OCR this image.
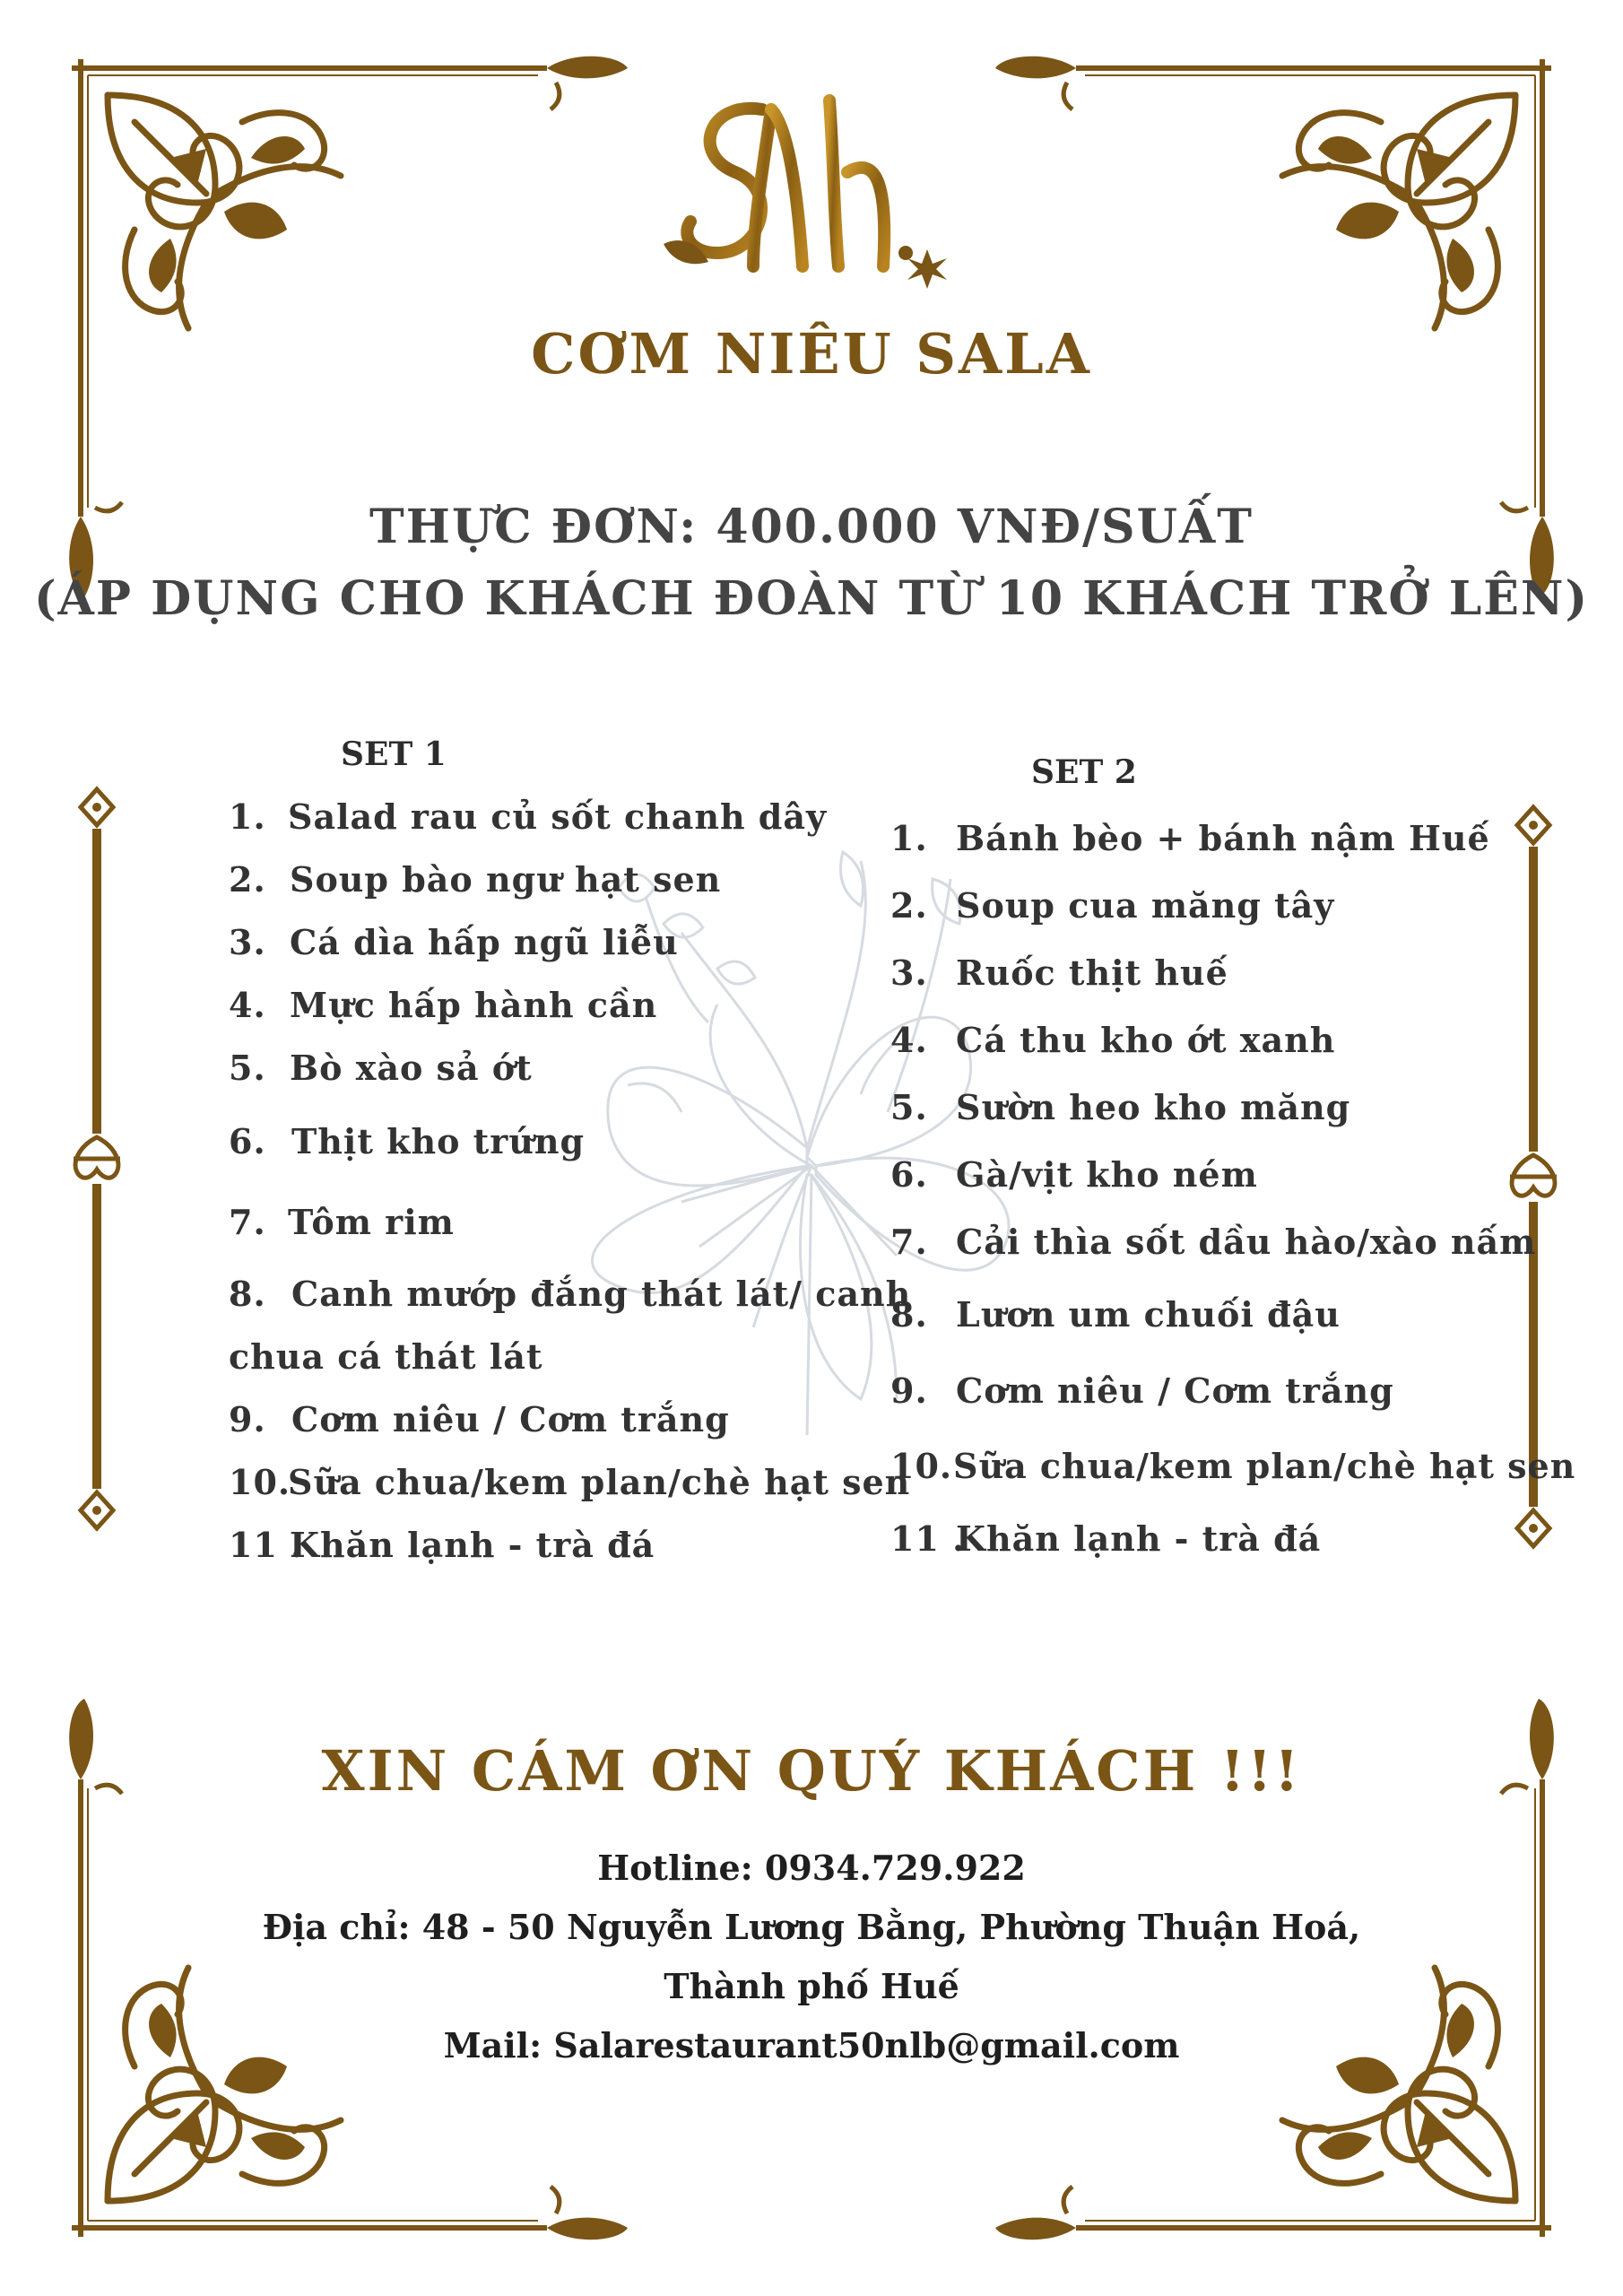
CƠM NIÊU SALA
THỰC ĐƠN: 400.000 VNĐ/SUẤT
(ÁP DỤNG CHO KHÁCH ĐOÀN TỪ 10 KHÁCH TRỞ LÊN)
SET 1
1. Salad rau củ sốt chanh dây
2. Soup bào ngư hạt sen
3. Cá dìa hấp ngũ liễu
4. Mực hấp hành cần
5. Bò xào sả ớt
6. Thịt kho trứng
7. Tôm rim
8. Canh mướp đắng thát lát/ canh
chua cá thát lát
9. Cơm niêu / Cơm trắng
10.Sữa chua/kem plan/chè hạt sen
11 .Khăn lạnh - trà đá
SET 2
1. Bánh bèo + bánh nậm Huế
2. Soup cua măng tây
3. Ruốc thịt huế
4. Cá thu kho ớt xanh
5. Sườn heo kho măng
6. Gà/vịt kho ném
7. Cải thìa sốt dầu hào/xào nấm
8. Lươn um chuối đậu
9. Cơm niêu / Cơm trắng
10.Sữa chua/kem plan/chè hạt sen
11 .Khăn lạnh - trà đá
XIN CÁM ƠN QUÝ KHÁCH !!!
Hotline: 0934.729.922
Địa chỉ: 48 - 50 Nguyễn Lương Bằng, Phường Thuận Hoá,
Thành phố Huế
Mail: Salarestaurant50nlb@gmail.com
